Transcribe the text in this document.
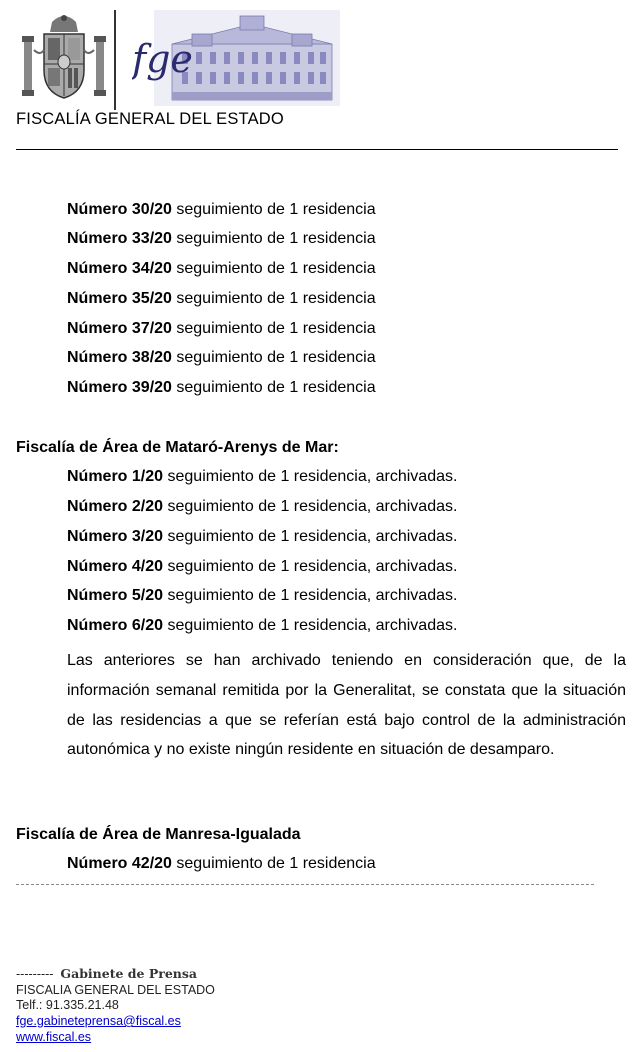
fge
FISCALÍA GENERAL DEL ESTADO
Número 30/20 seguimiento de 1 residencia
Número 33/20 seguimiento de 1 residencia
Número 34/20 seguimiento de 1 residencia
Número 35/20 seguimiento de 1 residencia
Número 37/20 seguimiento de 1 residencia
Número 38/20 seguimiento de 1 residencia
Número 39/20 seguimiento de 1 residencia
Fiscalía de Área de Mataró-Arenys de Mar:
Número 1/20 seguimiento de 1 residencia, archivadas.
Número 2/20 seguimiento de 1 residencia, archivadas.
Número 3/20 seguimiento de 1 residencia, archivadas.
Número 4/20 seguimiento de 1 residencia, archivadas.
Número 5/20 seguimiento de 1 residencia, archivadas.
Número 6/20 seguimiento de 1 residencia, archivadas.
Las anteriores se han archivado teniendo en consideración que, de la información semanal remitida por la Generalitat, se constata que la situación de las residencias a que se referían está bajo control de la administración autonómica y no existe ningún residente en situación de desamparo.
Fiscalía de Área de Manresa-Igualada
Número 42/20 seguimiento de 1 residencia
--------- Gabinete de Prensa
FISCALIA GENERAL DEL ESTADO
Telf.: 91.335.21.48
fge.gabineteprensa@fiscal.es
www.fiscal.es
